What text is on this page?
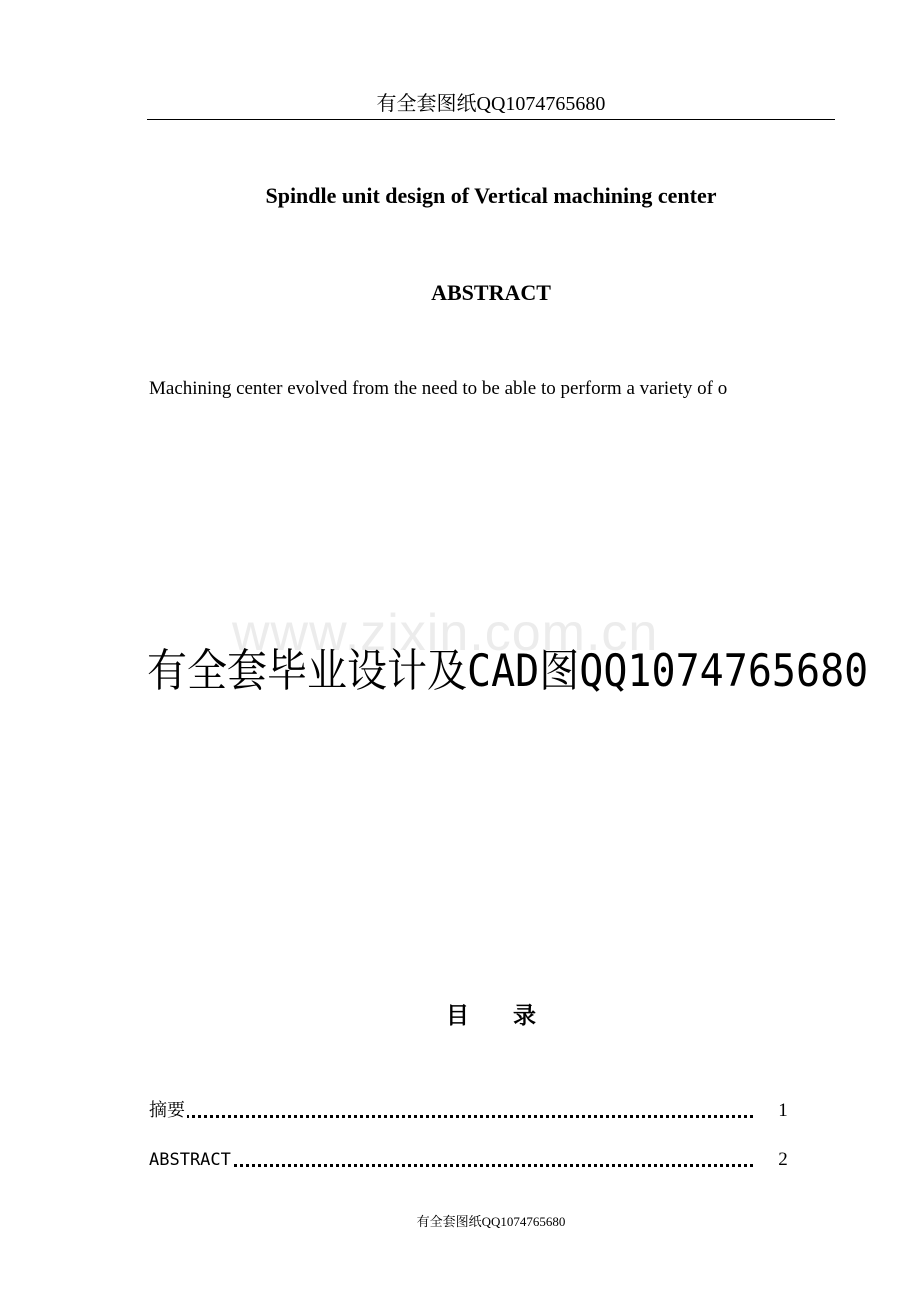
有全套图纸QQ1074765680
Spindle unit design of Vertical machining center
ABSTRACT
Machining center evolved from the need to be able to perform a variety of o
www.zixin.com.cn
有全套毕业设计及CAD图QQ1074765680
目 录
摘要	1
ABSTRACT	2
有全套图纸QQ1074765680
